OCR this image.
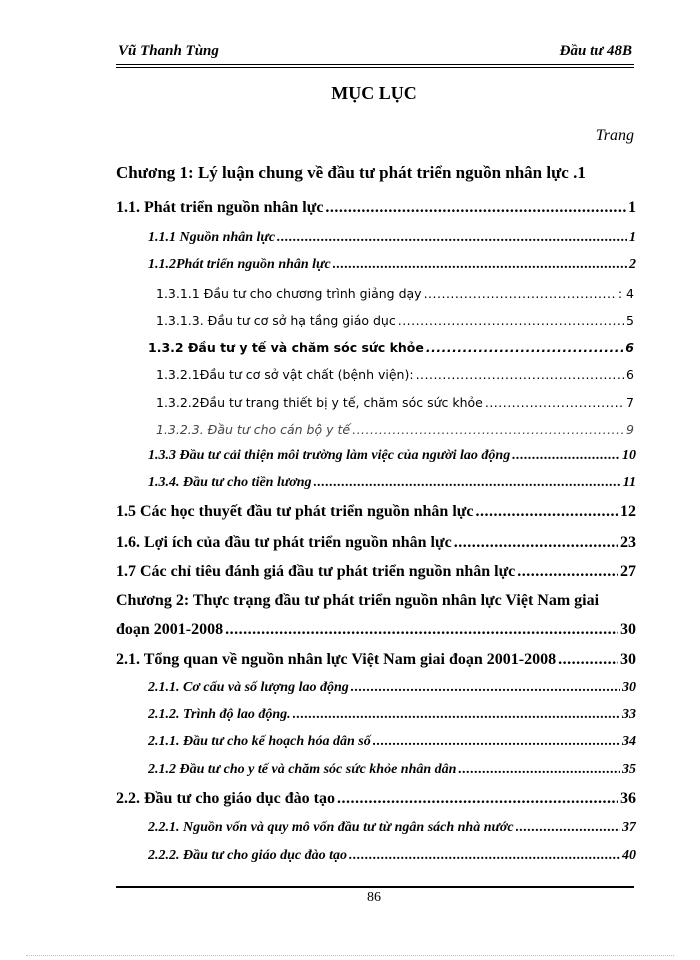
Vũ Thanh Tùng	Đầu tư 48B
MỤC LỤC
Trang
Chương 1: Lý luận chung về đầu tư phát triển nguồn nhân lực .1
1.1. Phát triển nguồn nhân lực .....	1
1.1.1 Nguồn nhân lực .....	1
1.1.2Phát triển nguồn nhân lực .....	2
1.3.1.1 Đầu tư cho chương trình giảng dạy .....	: 4
1.3.1.3. Đầu tư cơ sở hạ tầng giáo dục .....	5
1.3.2 Đầu tư y tế và chăm sóc sức khỏe .....	6
1.3.2.1Đầu tư cơ sở vật chất (bệnh viện): .....	6
1.3.2.2Đầu tư trang thiết bị y tế, chăm sóc sức khỏe .....	7
1.3.2.3. Đầu tư cho cán bộ y tế .....	9
1.3.3 Đầu tư cải thiện môi trường làm việc của người lao động .....	10
1.3.4. Đầu tư cho tiền lương .....	11
1.5 Các học thuyết đầu tư phát triển nguồn nhân lực .....	12
1.6. Lợi ích của đầu tư phát triển nguồn nhân lực .....	23
1.7 Các chỉ tiêu đánh giá đầu tư phát triển nguồn nhân lực .....	27
Chương 2: Thực trạng đầu tư phát triển nguồn nhân lực Việt Nam giai
đoạn 2001-2008 .....	30
2.1. Tổng quan về nguồn nhân lực Việt Nam giai đoạn 2001-2008 .....	30
2.1.1. Cơ cấu và số lượng lao động .....	30
2.1.2. Trình độ lao động. .....	33
2.1.1. Đầu tư cho kế hoạch hóa dân số .....	34
2.1.2 Đầu tư cho y tế và chăm sóc sức khỏe nhân dân .....	35
2.2. Đầu tư cho giáo dục đào tạo .....	36
2.2.1. Nguồn vốn và quy mô vốn đầu tư từ ngân sách nhà nước .....	37
2.2.2. Đầu tư cho giáo dục đào tạo .....	40
86
